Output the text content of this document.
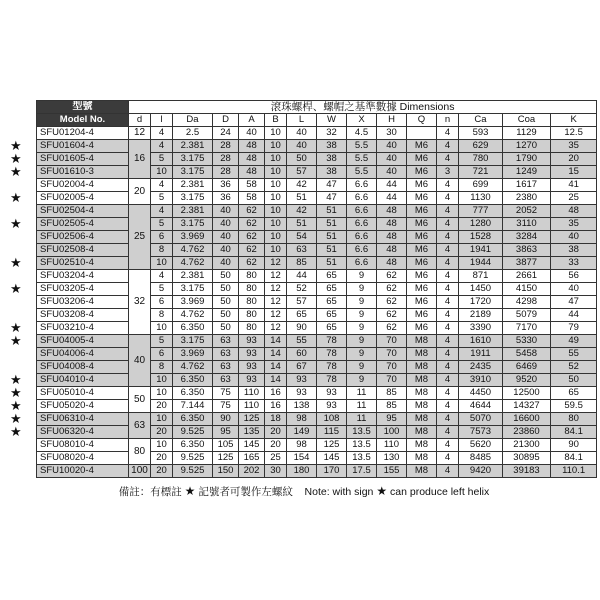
★
★
★
★
★
★
★
★
★
★
★
★
★
★
型號	滾珠螺桿、螺帽之基準數據 Dimensions														
Model No.	d	l	Da	D	A	B	L	W	X	H	Q	n	Ca	Coa	K
SFU01204-4	12	4	2.5	24	40	10	40	32	4.5	30		4	593	1129	12.5
SFU01604-4	16	4	2.381	28	48	10	40	38	5.5	40	M6	4	629	1270	35
SFU01605-4		5	3.175	28	48	10	50	38	5.5	40	M6	4	780	1790	20
SFU01610-3		10	3.175	28	48	10	57	38	5.5	40	M6	3	721	1249	15
SFU02004-4	20	4	2.381	36	58	10	42	47	6.6	44	M6	4	699	1617	41
SFU02005-4		5	3.175	36	58	10	51	47	6.6	44	M6	4	1130	2380	25
SFU02504-4	25	4	2.381	40	62	10	42	51	6.6	48	M6	4	777	2052	48
SFU02505-4		5	3.175	40	62	10	51	51	6.6	48	M6	4	1280	3110	35
SFU02506-4		6	3.969	40	62	10	54	51	6.6	48	M6	4	1528	3284	40
SFU02508-4		8	4.762	40	62	10	63	51	6.6	48	M6	4	1941	3863	38
SFU02510-4		10	4.762	40	62	12	85	51	6.6	48	M6	4	1944	3877	33
SFU03204-4	32	4	2.381	50	80	12	44	65	9	62	M6	4	871	2661	56
SFU03205-4		5	3.175	50	80	12	52	65	9	62	M6	4	1450	4150	40
SFU03206-4		6	3.969	50	80	12	57	65	9	62	M6	4	1720	4298	47
SFU03208-4		8	4.762	50	80	12	65	65	9	62	M6	4	2189	5079	44
SFU03210-4		10	6.350	50	80	12	90	65	9	62	M6	4	3390	7170	79
SFU04005-4	40	5	3.175	63	93	14	55	78	9	70	M8	4	1610	5330	49
SFU04006-4		6	3.969	63	93	14	60	78	9	70	M8	4	1911	5458	55
SFU04008-4		8	4.762	63	93	14	67	78	9	70	M8	4	2435	6469	52
SFU04010-4		10	6.350	63	93	14	93	78	9	70	M8	4	3910	9520	50
SFU05010-4	50	10	6.350	75	110	16	93	93	11	85	M8	4	4450	12500	65
SFU05020-4		20	7.144	75	110	16	138	93	11	85	M8	4	4644	14327	59.5
SFU06310-4	63	10	6.350	90	125	18	98	108	11	95	M8	4	5070	16600	80
SFU06320-4		20	9.525	95	135	20	149	115	13.5	100	M8	4	7573	23860	84.1
SFU08010-4	80	10	6.350	105	145	20	98	125	13.5	110	M8	4	5620	21300	90
SFU08020-4		20	9.525	125	165	25	154	145	13.5	130	M8	4	8485	30895	84.1
SFU10020-4	100	20	9.525	150	202	30	180	170	17.5	155	M8	4	9420	39183	110.1
備註：有標註 ★ 記號者可製作左螺紋 Note: with sign ★ can produce left helix
